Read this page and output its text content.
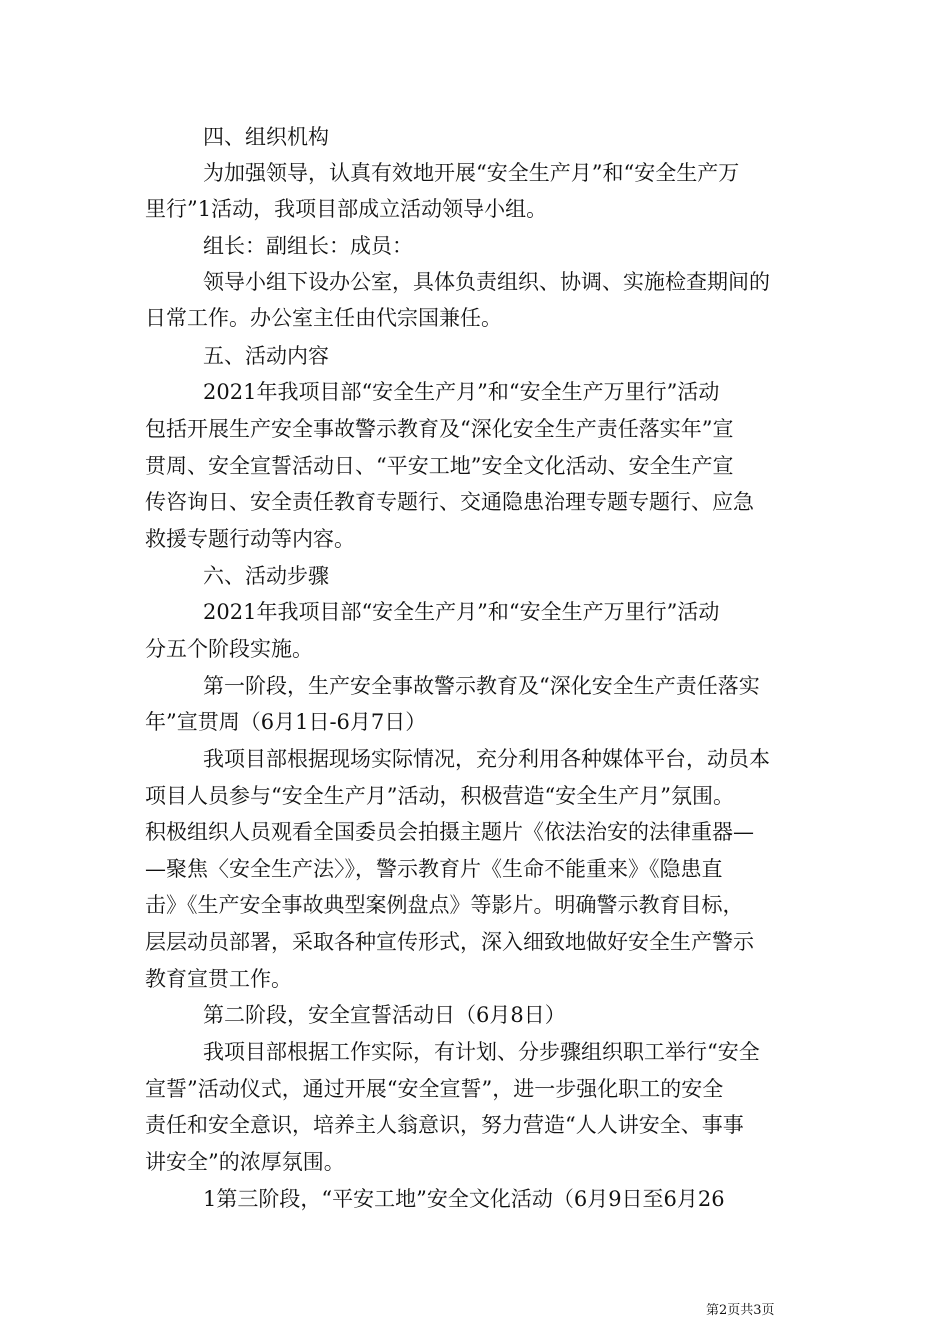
四、组织机构
为加强领导，认真有效地开展“安全生产月”和“安全生产万
里行”1活动，我项目部成立活动领导小组。
组长：副组长：成员：
领导小组下设办公室，具体负责组织、协调、实施检查期间的
日常工作。办公室主任由代宗国兼任。
五、活动内容
2021年我项目部“安全生产月”和“安全生产万里行”活动
包括开展生产安全事故警示教育及“深化安全生产责任落实年”宣
贯周、安全宣誓活动日、“平安工地”安全文化活动、安全生产宣
传咨询日、安全责任教育专题行、交通隐患治理专题专题行、应急
救援专题行动等内容。
六、活动步骤
2021年我项目部“安全生产月”和“安全生产万里行”活动
分五个阶段实施。
第一阶段，生产安全事故警示教育及“深化安全生产责任落实
年”宣贯周（6月1日-6月7日）
我项目部根据现场实际情况，充分利用各种媒体平台，动员本
项目人员参与“安全生产月”活动，积极营造“安全生产月”氛围。
积极组织人员观看全国委员会拍摄主题片《依法治安的法律重器—
—聚焦〈安全生产法〉》，警示教育片《生命不能重来》《隐患直
击》《生产安全事故典型案例盘点》等影片。明确警示教育目标，
层层动员部署，采取各种宣传形式，深入细致地做好安全生产警示
教育宣贯工作。
第二阶段，安全宣誓活动日（6月8日）
我项目部根据工作实际，有计划、分步骤组织职工举行“安全
宣誓”活动仪式，通过开展“安全宣誓”，进一步强化职工的安全
责任和安全意识，培养主人翁意识，努力营造“人人讲安全、事事
讲安全”的浓厚氛围。
1第三阶段，“平安工地”安全文化活动（6月9日至6月26
第2页共3页
